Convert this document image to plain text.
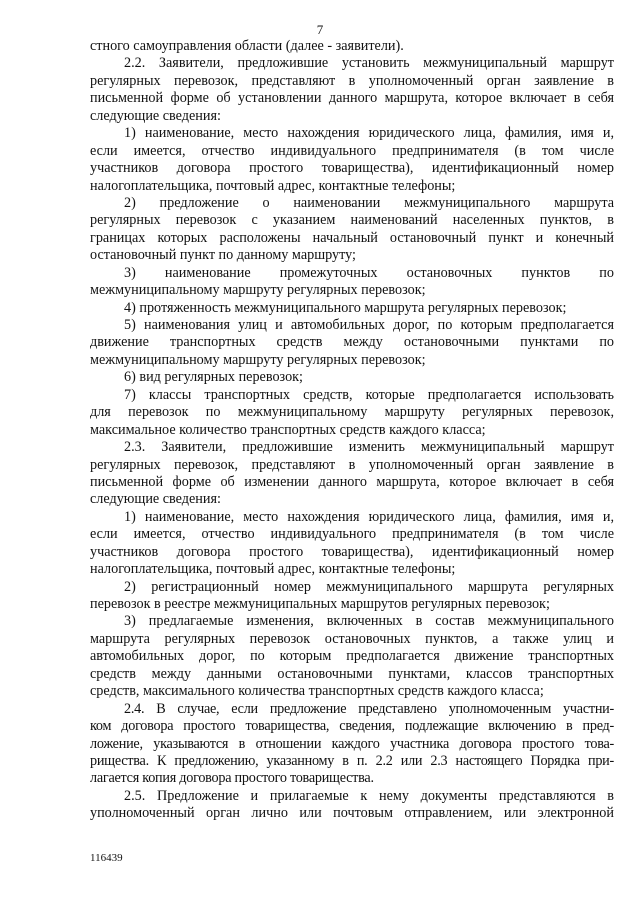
7
стного самоуправления области (далее - заявители).
2.2. Заявители, предложившие установить межмуниципальный маршрут
регулярных перевозок, представляют в уполномоченный орган заявление в
письменной форме об установлении данного маршрута, которое включает в себя
следующие сведения:
1) наименование, место нахождения юридического лица, фамилия, имя и,
если имеется, отчество индивидуального предпринимателя (в том числе
участников договора простого товарищества), идентификационный номер
налогоплательщика, почтовый адрес, контактные телефоны;
2) предложение о наименовании межмуниципального маршрута
регулярных перевозок с указанием наименований населенных пунктов, в
границах которых расположены начальный остановочный пункт и конечный
остановочный пункт по данному маршруту;
3) наименование промежуточных остановочных пунктов по
межмуниципальному маршруту регулярных перевозок;
4) протяженность межмуниципального маршрута регулярных перевозок;
5) наименования улиц и автомобильных дорог, по которым предполагается
движение транспортных средств между остановочными пунктами по
межмуниципальному маршруту регулярных перевозок;
6) вид регулярных перевозок;
7) классы транспортных средств, которые предполагается использовать
для перевозок по межмуниципальному маршруту регулярных перевозок,
максимальное количество транспортных средств каждого класса;
2.3. Заявители, предложившие изменить межмуниципальный маршрут
регулярных перевозок, представляют в уполномоченный орган заявление в
письменной форме об изменении данного маршрута, которое включает в себя
следующие сведения:
1) наименование, место нахождения юридического лица, фамилия, имя и,
если имеется, отчество индивидуального предпринимателя (в том числе
участников договора простого товарищества), идентификационный номер
налогоплательщика, почтовый адрес, контактные телефоны;
2) регистрационный номер межмуниципального маршрута регулярных
перевозок в реестре межмуниципальных маршрутов регулярных перевозок;
3) предлагаемые изменения, включенных в состав межмуниципального
маршрута регулярных перевозок остановочных пунктов, а также улиц и
автомобильных дорог, по которым предполагается движение транспортных
средств между данными остановочными пунктами, классов транспортных
средств, максимального количества транспортных средств каждого класса;
2.4. В случае, если предложение представлено уполномоченным участни-
ком договора простого товарищества, сведения, подлежащие включению в пред-
ложение, указываются в отношении каждого участника договора простого това-
рищества. К предложению, указанному в п. 2.2 или 2.3 настоящего Порядка при-
лагается копия договора простого товарищества.
2.5. Предложение и прилагаемые к нему документы представляются в
уполномоченный орган лично или почтовым отправлением, или электронной
116439
